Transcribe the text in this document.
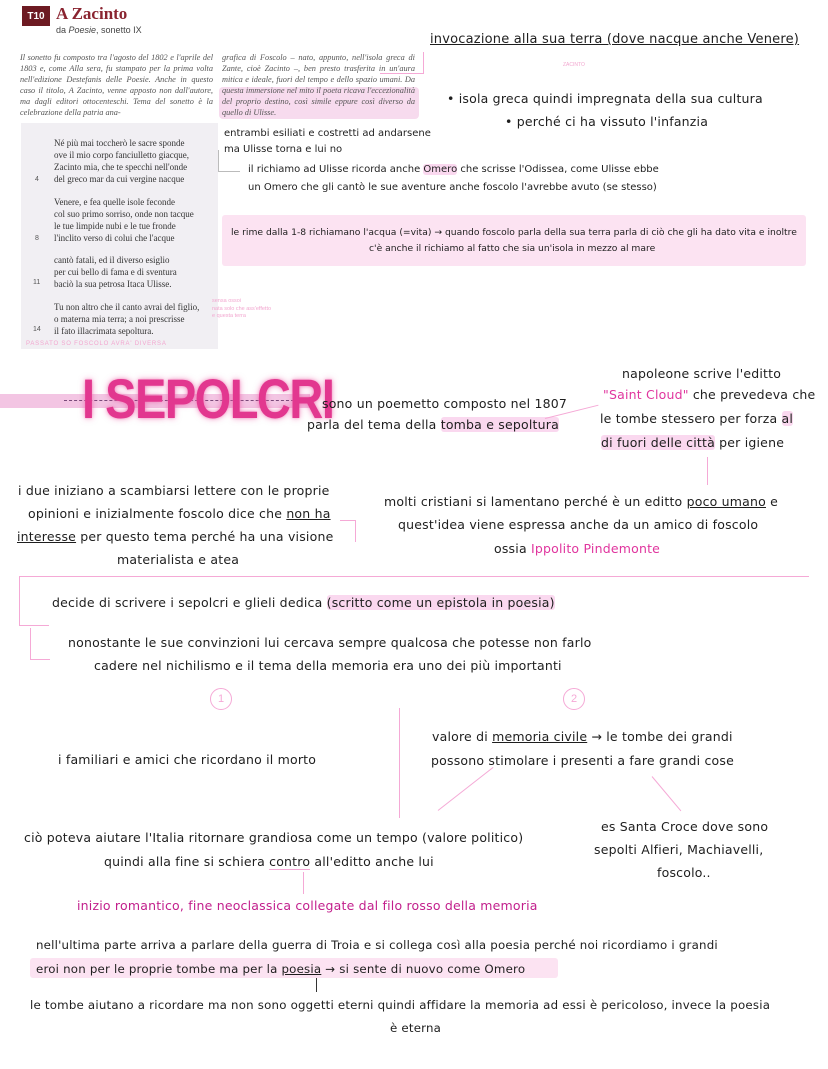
T10 A Zacinto
da Poesie, sonetto IX
Il sonetto fu composto tra l'agosto del 1802 e l'aprile del 1803 e, come Alla sera, fu stampato per la prima volta nell'edizione Destefanis delle Poesie. Anche in questo caso il titolo, A Zacinto, venne apposto non dall'autore, ma dagli editori ottocenteschi. Tema del sonetto è la celebrazione della patria ana-
grafica di Foscolo – nato, appunto, nell'isola greca di Zante, cioè Zacinto –, ben presto trasferita in un'aura mitica e ideale, fuori del tempo e dello spazio umani. Da questa immersione nel mito il poeta ricava l'eccezionalità del proprio destino, così simile eppure così diverso da quello di Ulisse.
Né più mai toccherò le sacre sponde
ove il mio corpo fanciulletto giacque,
Zacinto mia, che te specchi nell'onde
del greco mar da cui vergine nacque
Venere, e fea quelle isole feconde
col suo primo sorriso, onde non tacque
le tue limpide nubi e le tue fronde
l'inclito verso di colui che l'acque
cantò fatali, ed il diverso esiglio
per cui bello di fama e di sventura
baciò la sua petrosa Itaca Ulisse.
Tu non altro che il canto avrai del figlio,
o materna mia terra; a noi prescrisse
il fato illacrimata sepoltura.
4
8
11
14
PASSATO SO FOSCOLO AVRA' DIVERSA
sensa ossoi
nata solo che ass'effetto
e questa terra
ZACINTO
invocazione alla sua terra (dove nacque anche Venere)
• isola greca quindi impregnata della sua cultura
• perché ci ha vissuto l'infanzia
entrambi esiliati e costretti ad andarsene ma Ulisse torna e lui no
il richiamo ad Ulisse ricorda anche Omero che scrisse l'Odissea, come Ulisse ebbe
un Omero che gli cantò le sue aventure anche foscolo l'avrebbe avuto (se stesso)
le rime dalla 1-8 richiamano l'acqua (=vita) → quando foscolo parla della sua terra parla di ciò che gli ha dato vita e inoltre
c'è anche il richiamo al fatto che sia un'isola in mezzo al mare
I SEPOLCRI
sono un poemetto composto nel 1807
parla del tema della tomba e sepoltura
napoleone scrive l'editto
"Saint Cloud" che prevedeva che
le tombe stessero per forza al
di fuori delle città per igiene
i due iniziano a scambiarsi lettere con le proprie
opinioni e inizialmente foscolo dice che non ha
interesse per questo tema perché ha una visione
materialista e atea
molti cristiani si lamentano perché è un editto poco umano e
quest'idea viene espressa anche da un amico di foscolo
ossia Ippolito Pindemonte
decide di scrivere i sepolcri e glieli dedica (scritto come un epistola in poesia)
nonostante le sue convinzioni lui cercava sempre qualcosa che potesse non farlo
cadere nel nichilismo e il tema della memoria era uno dei più importanti
1	2
i familiari e amici che ricordano il morto
valore di memoria civile → le tombe dei grandi
possono stimolare i presenti a fare grandi cose
es Santa Croce dove sono
sepolti Alfieri, Machiavelli,
foscolo..
ciò poteva aiutare l'Italia ritornare grandiosa come un tempo (valore politico)
quindi alla fine si schiera contro all'editto anche lui
inizio romantico, fine neoclassica collegate dal filo rosso della memoria
nell'ultima parte arriva a parlare della guerra di Troia e si collega così alla poesia perché noi ricordiamo i grandi
eroi non per le proprie tombe ma per la poesia → si sente di nuovo come Omero
le tombe aiutano a ricordare ma non sono oggetti eterni quindi affidare la memoria ad essi è pericoloso, invece la poesia
è eterna
